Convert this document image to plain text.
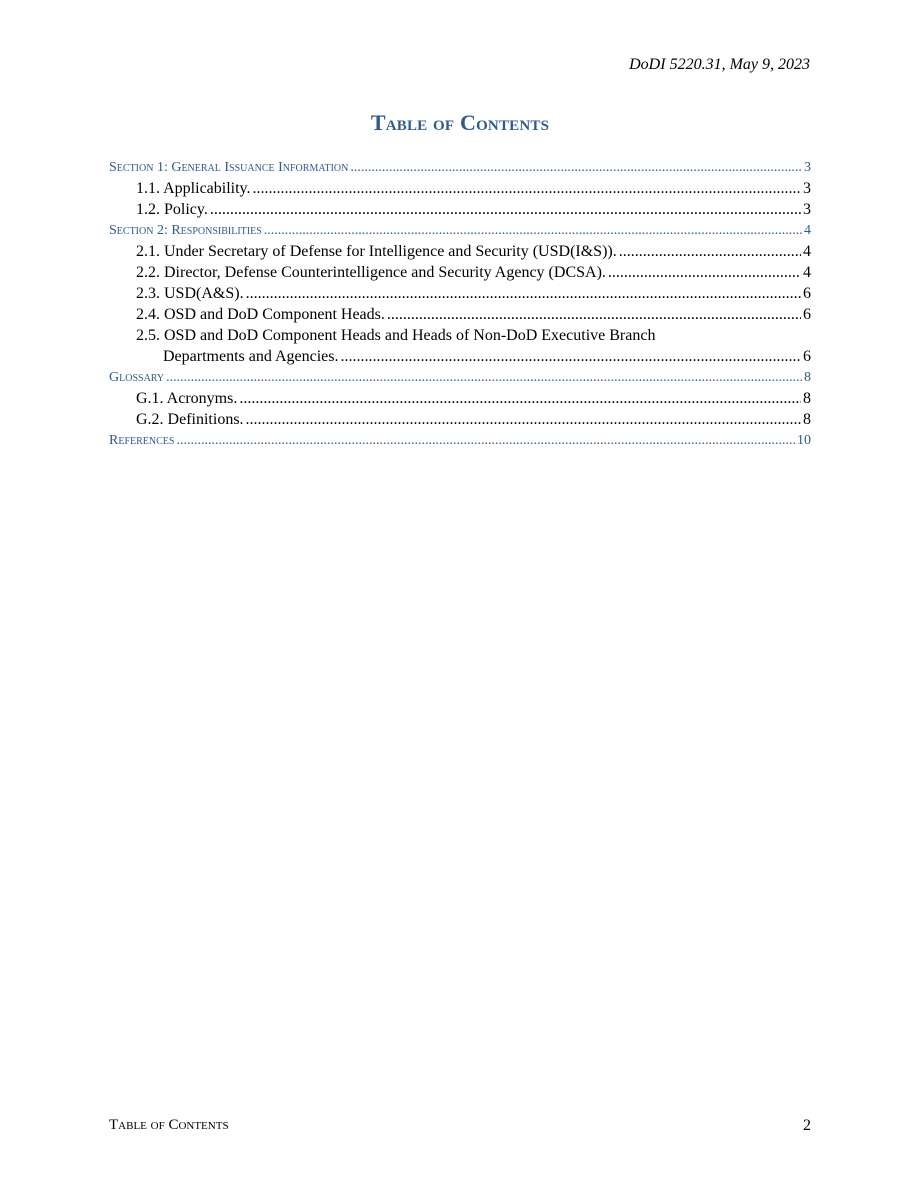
DoDI 5220.31, May 9, 2023
Table of Contents
Section 1: General Issuance Information .....	3
1.1. Applicability. .....	3
1.2. Policy. .....	3
Section 2: Responsibilities .....	4
2.1. Under Secretary of Defense for Intelligence and Security (USD(I&S)). .....	4
2.2. Director, Defense Counterintelligence and Security Agency (DCSA). .....	4
2.3. USD(A&S). .....	6
2.4. OSD and DoD Component Heads. .....	6
2.5. OSD and DoD Component Heads and Heads of Non-DoD Executive Branch
Departments and Agencies. .....	6
Glossary .....	8
G.1. Acronyms. .....	8
G.2. Definitions. .....	8
References .....	10
Table of Contents	2
